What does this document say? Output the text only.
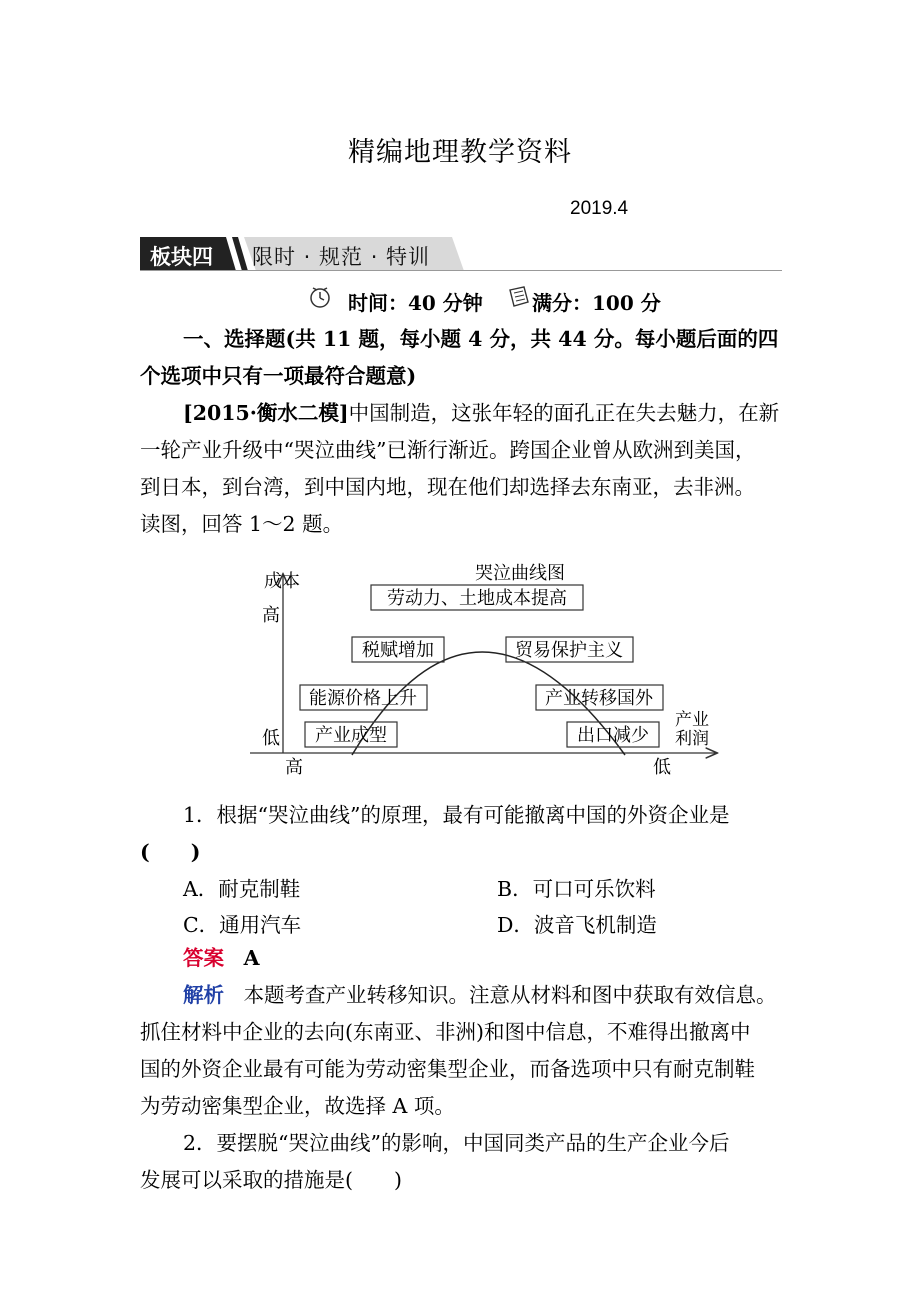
精编地理教学资料
2019.4
板块四 限时 · 规范 · 特训
时间：40 分钟 满分：100 分
一、选择题(共 11 题，每小题 4 分，共 44 分。每小题后面的四
个选项中只有一项最符合题意)
[2015·衡水二模]中国制造，这张年轻的面孔正在失去魅力，在新
一轮产业升级中“哭泣曲线”已渐行渐近。跨国企业曾从欧洲到美国，
到日本，到台湾，到中国内地，现在他们却选择去东南亚，去非洲。
读图，回答 1～2 题。
哭泣曲线图
成本
高
低
高	低
产业
利润
劳动力、土地成本提高
税赋增加	贸易保护主义
能源价格上升	产业转移国外
产业成型	出口减少
1．根据“哭泣曲线”的原理，最有可能撤离中国的外资企业是
(　　)
A．耐克制鞋	B．可口可乐饮料
C．通用汽车	D．波音飞机制造
答案 A
解析 本题考查产业转移知识。注意从材料和图中获取有效信息。
抓住材料中企业的去向(东南亚、非洲)和图中信息，不难得出撤离中
国的外资企业最有可能为劳动密集型企业，而备选项中只有耐克制鞋
为劳动密集型企业，故选择 A 项。
2．要摆脱“哭泣曲线”的影响，中国同类产品的生产企业今后
发展可以采取的措施是(　　)
